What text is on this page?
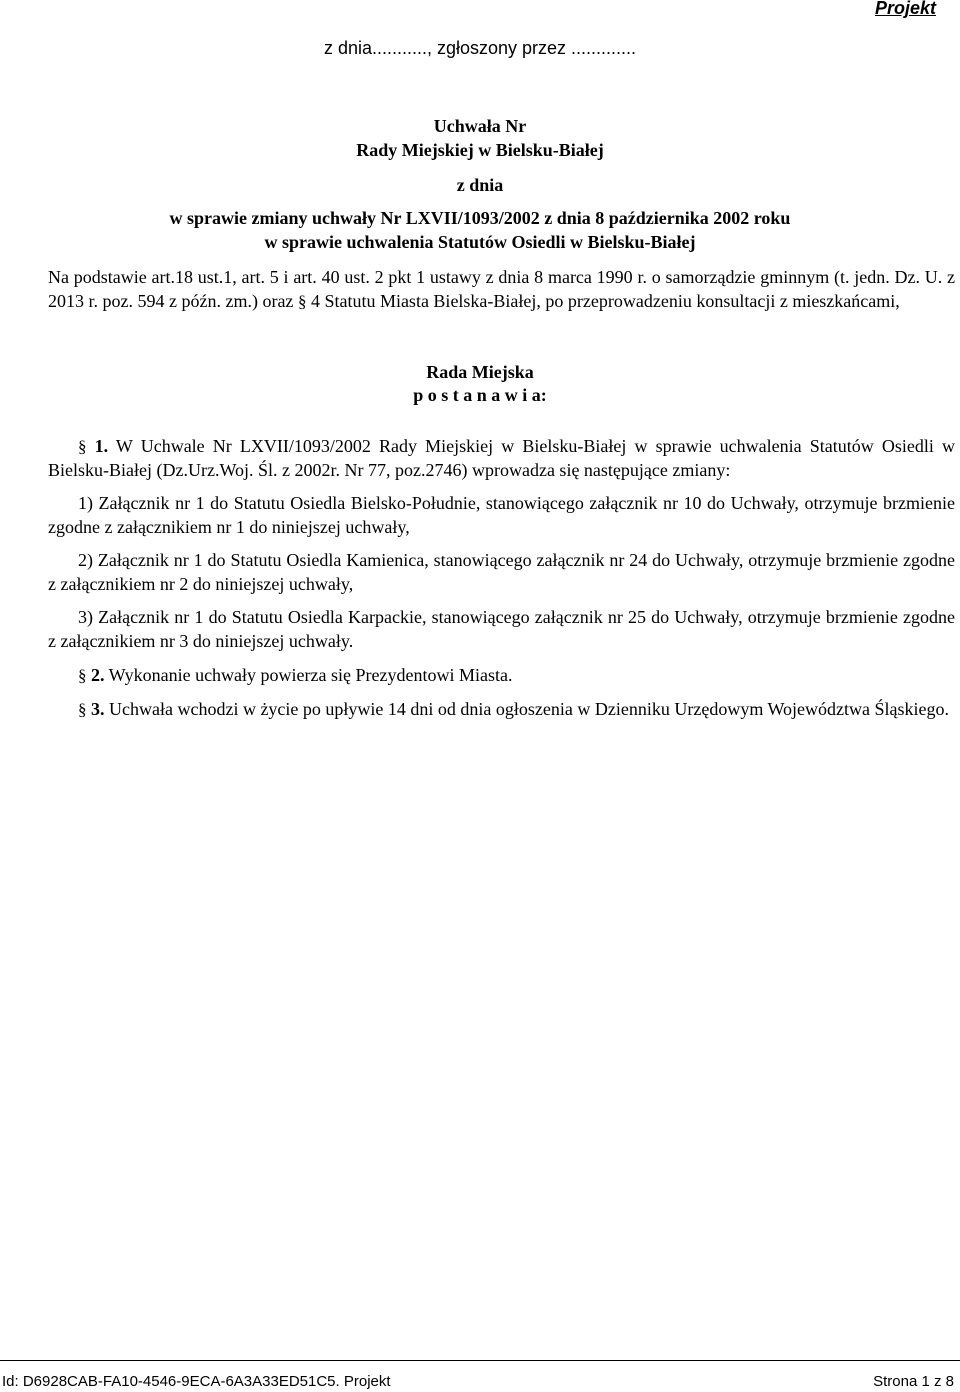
Projekt
z dnia..........., zgłoszony przez .............
Uchwała Nr
Rady Miejskiej w Bielsku-Białej
z dnia
w sprawie zmiany uchwały Nr LXVII/1093/2002 z dnia 8 października 2002 roku
w sprawie uchwalenia Statutów Osiedli w Bielsku-Białej
Na podstawie art.18 ust.1, art. 5 i art. 40 ust. 2 pkt 1 ustawy z dnia 8 marca 1990 r. o samorządzie gminnym (t. jedn. Dz. U. z 2013 r. poz. 594 z późn. zm.) oraz § 4 Statutu Miasta Bielska-Białej, po przeprowadzeniu konsultacji z mieszkańcami,
Rada Miejska
p o s t a n a w i a:
§ 1. W Uchwale Nr LXVII/1093/2002 Rady Miejskiej w Bielsku-Białej w sprawie uchwalenia Statutów Osiedli w Bielsku-Białej (Dz.Urz.Woj. Śl. z 2002r. Nr 77, poz.2746) wprowadza się następujące zmiany:
1) Załącznik nr 1 do Statutu Osiedla Bielsko-Południe, stanowiącego załącznik nr 10 do Uchwały, otrzymuje brzmienie zgodne z załącznikiem nr 1 do niniejszej uchwały,
2) Załącznik nr 1 do Statutu Osiedla Kamienica, stanowiącego załącznik nr 24 do Uchwały, otrzymuje brzmienie zgodne z załącznikiem nr 2 do niniejszej uchwały,
3) Załącznik nr 1 do Statutu Osiedla Karpackie, stanowiącego załącznik nr 25 do Uchwały, otrzymuje brzmienie zgodne z załącznikiem nr 3 do niniejszej uchwały.
§ 2. Wykonanie uchwały powierza się Prezydentowi Miasta.
§ 3. Uchwała wchodzi w życie po upływie 14 dni od dnia ogłoszenia w Dzienniku Urzędowym Województwa Śląskiego.
Id: D6928CAB-FA10-4546-9ECA-6A3A33ED51C5. Projekt	Strona 1 z 8
